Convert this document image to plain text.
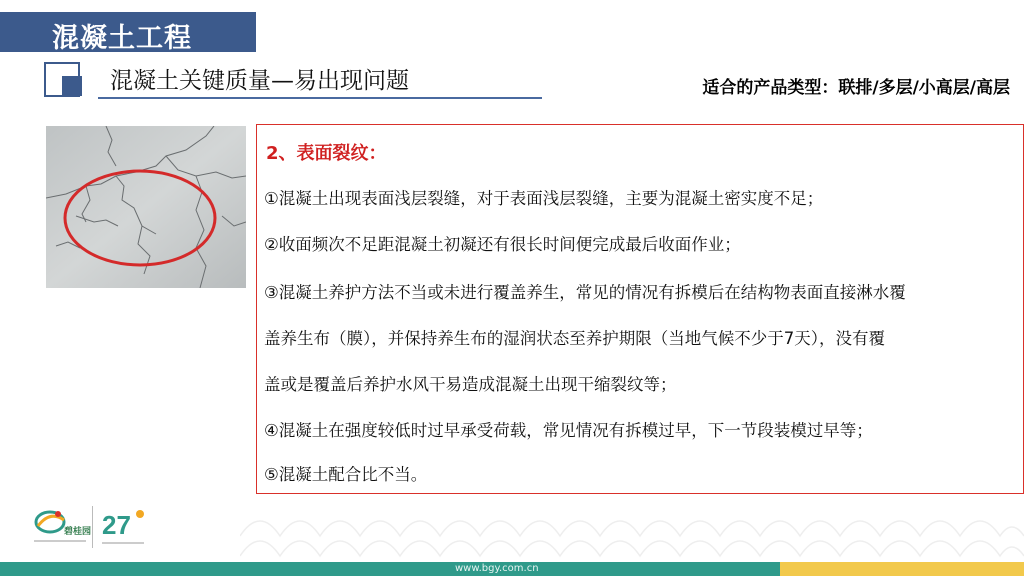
混凝土工程
混凝土关键质量—易出现问题	适合的产品类型：联排/多层/小高层/高层
2、表面裂纹：
①混凝土出现表面浅层裂缝，对于表面浅层裂缝，主要为混凝土密实度不足；
②收面频次不足距混凝土初凝还有很长时间便完成最后收面作业；
③混凝土养护方法不当或未进行覆盖养生，常见的情况有拆模后在结构物表面直接淋水覆
盖养生布（膜），并保持养生布的湿润状态至养护期限（当地气候不少于7天），没有覆
盖或是覆盖后养护水风干易造成混凝土出现干缩裂纹等；
④混凝土在强度较低时过早承受荷载，常见情况有拆模过早，下一节段装模过早等；
⑤混凝土配合比不当。
碧桂园 27
www.bgy.com.cn
